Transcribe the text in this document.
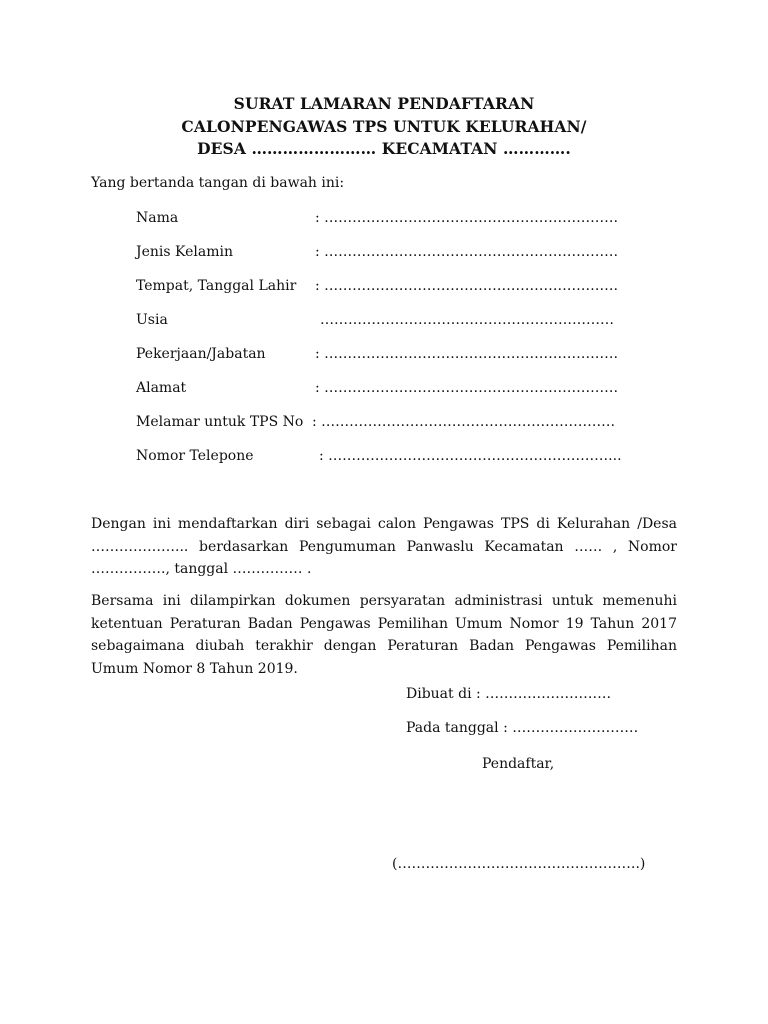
SURAT LAMARAN PENDAFTARAN
CALONPENGAWAS TPS UNTUK KELURAHAN/
DESA …………………… KECAMATAN ………….
Yang bertanda tangan di bawah ini:
Nama	: ………………………………………………………
Jenis Kelamin	: ………………………………………………………
Tempat, Tanggal Lahir : ………………………………………………………
Usia	………………………………………………………
Pekerjaan/Jabatan	: ………………………………………………………
Alamat	: ………………………………………………………
Melamar untuk TPS No : ………………………………………………………
Nomor Telepone	: ……………………………………………………...
Dengan ini mendaftarkan diri sebagai calon Pengawas TPS di Kelurahan /Desa ………………... berdasarkan Pengumuman Panwaslu Kecamatan …… , Nomor ……………., tanggal …………… .
Bersama ini dilampirkan dokumen persyaratan administrasi untuk memenuhi ketentuan Peraturan Badan Pengawas Pemilihan Umum Nomor 19 Tahun 2017 sebagaimana diubah terakhir dengan Peraturan Badan Pengawas Pemilihan Umum Nomor 8 Tahun 2019.
Dibuat di : ………………………
Pada tanggal : ………………………
Pendaftar,
(…………………………………………….)
